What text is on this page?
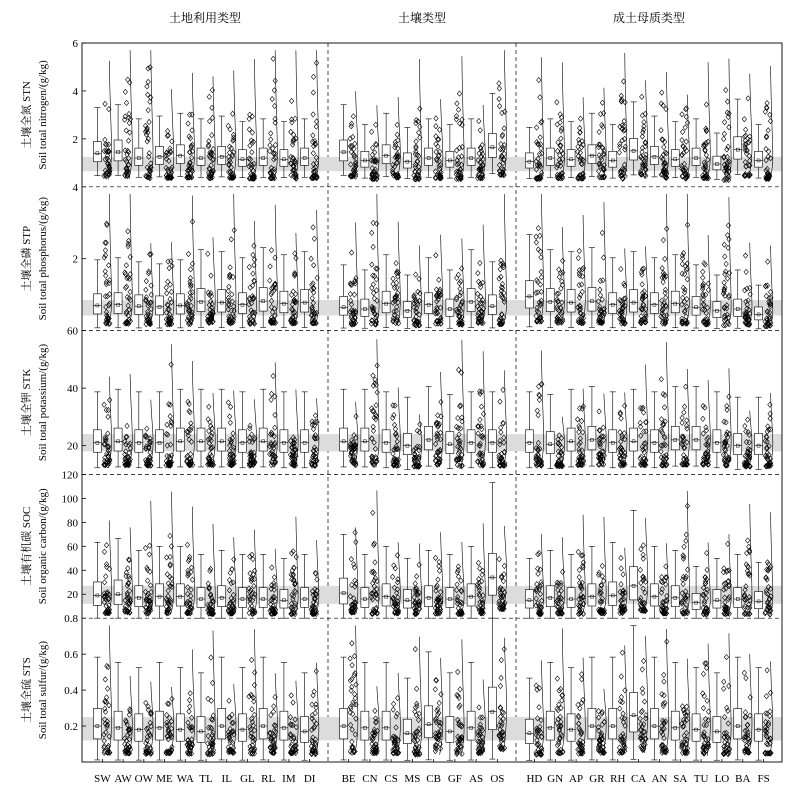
土地利用类型	土壤类型	成土母质类型
2
4
6
土壤全氮 STN Soil total nitrogen/(g/kg)
2
4
土壤全磷 STP Soil total phosphorus/(g/kg)
20
40
60
土壤全钾 STK Soil total potassium/(g/kg)
20
40
60
80
100
120
土壤有机碳 SOC Soil organic carbon/(g/kg)
0.2
0.4
0.6
0.8
土壤全硫 STS Soil total sulfur/(g/kg)
SW AW OW ME WA TL IL GL RL IM DI BE CN CS MS CB GF AS OS HD GN AP GR RH CA AN SA TU LO BA FS
